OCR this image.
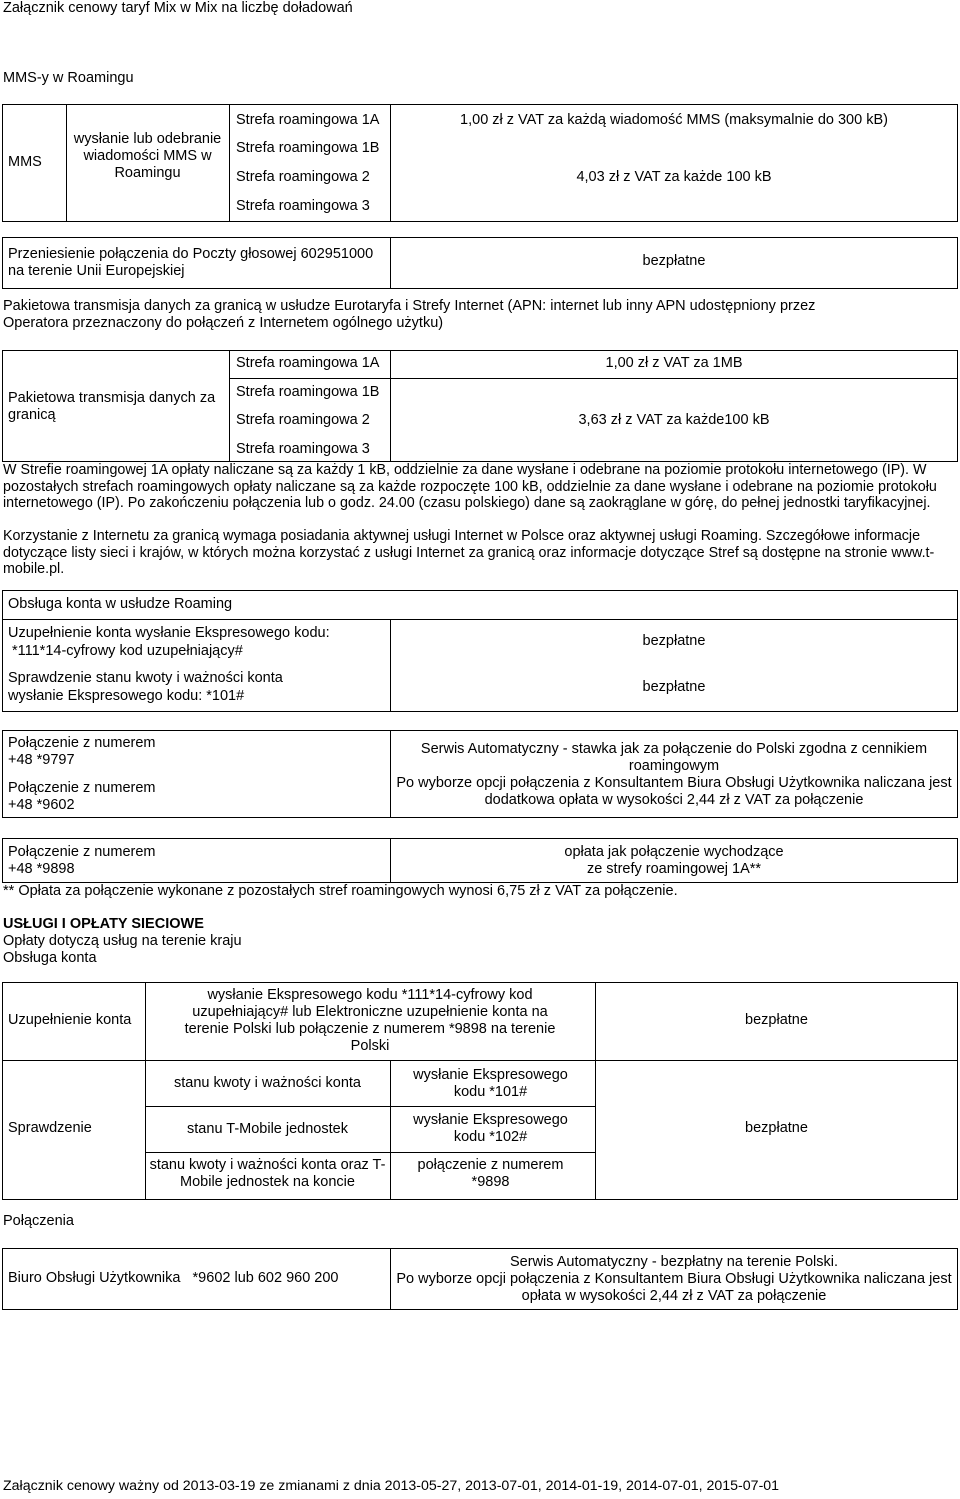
Załącznik cenowy taryf Mix w Mix na liczbę doładowań
MMS-y w Roamingu
MMS
wysłanie lub odebranie wiadomości MMS w Roamingu
Strefa roamingowa 1A
Strefa roamingowa 1B
Strefa roamingowa 2
Strefa roamingowa 3
1,00 zł z VAT za każdą wiadomość MMS (maksymalnie do 300 kB)
4,03 zł z VAT za każde 100 kB
Przeniesienie połączenia do Poczty głosowej 602951000 na terenie Unii Europejskiej
bezpłatne
Pakietowa transmisja danych za granicą w usłudze Eurotaryfa i Strefy Internet (APN: internet lub inny APN udostępniony przez Operatora przeznaczony do połączeń z Internetem ogólnego użytku)
Pakietowa transmisja danych za granicą
Strefa roamingowa 1A
Strefa roamingowa 1B
Strefa roamingowa 2
Strefa roamingowa 3
1,00 zł z VAT za 1MB
3,63 zł z VAT za każde100 kB
W Strefie roamingowej 1A opłaty naliczane są za każdy 1 kB, oddzielnie za dane wysłane i odebrane na poziomie protokołu internetowego (IP). W pozostałych strefach roamingowych opłaty naliczane są za każde rozpoczęte 100 kB, oddzielnie za dane wysłane i odebrane na poziomie protokołu internetowego (IP). Po zakończeniu połączenia lub o godz. 24.00 (czasu polskiego) dane są zaokrąglane w górę, do pełnej jednostki taryfikacyjnej.
Korzystanie z Internetu za granicą wymaga posiadania aktywnej usługi Internet w Polsce oraz aktywnej usługi Roaming. Szczegółowe informacje dotyczące listy sieci i krajów, w których można korzystać z usługi Internet za granicą oraz informacje dotyczące Stref są dostępne na stronie www.t-mobile.pl.
Obsługa konta w usłudze Roaming
Uzupełnienie konta wysłanie Ekspresowego kodu:
*111*14-cyfrowy kod uzupełniający#
bezpłatne
Sprawdzenie stanu kwoty i ważności konta
wysłanie Ekspresowego kodu: *101#
bezpłatne
Połączenie z numerem
+48 *9797
Połączenie z numerem
+48 *9602
Serwis Automatyczny - stawka jak za połączenie do Polski zgodna z cennikiem roamingowym
Po wyborze opcji połączenia z Konsultantem Biura Obsługi Użytkownika naliczana jest dodatkowa opłata w wysokości 2,44 zł z VAT za połączenie
Połączenie z numerem
+48 *9898
opłata jak połączenie wychodzące
ze strefy roamingowej 1A**
** Opłata za połączenie wykonane z pozostałych stref roamingowych wynosi 6,75 zł z VAT za połączenie.
USŁUGI I OPŁATY SIECIOWE
Opłaty dotyczą usług na terenie kraju
Obsługa konta
Uzupełnienie konta
wysłanie Ekspresowego kodu *111*14-cyfrowy kod uzupełniający# lub Elektroniczne uzupełnienie konta na terenie Polski lub połączenie z numerem *9898 na terenie Polski
bezpłatne
Sprawdzenie
stanu kwoty i ważności konta	wysłanie Ekspresowego kodu *101#
stanu T-Mobile jednostek
wysłanie Ekspresowego kodu *102#
stanu kwoty i ważności konta oraz T-Mobile jednostek na koncie
połączenie z numerem *9898
bezpłatne
Połączenia
Biuro Obsługi Użytkownika   *9602 lub 602 960 200
Serwis Automatyczny - bezpłatny na terenie Polski.
Po wyborze opcji połączenia z Konsultantem Biura Obsługi Użytkownika naliczana jest opłata w wysokości 2,44 zł z VAT za połączenie
Załącznik cenowy ważny od 2013-03-19 ze zmianami z dnia 2013-05-27, 2013-07-01, 2014-01-19, 2014-07-01, 2015-07-01
